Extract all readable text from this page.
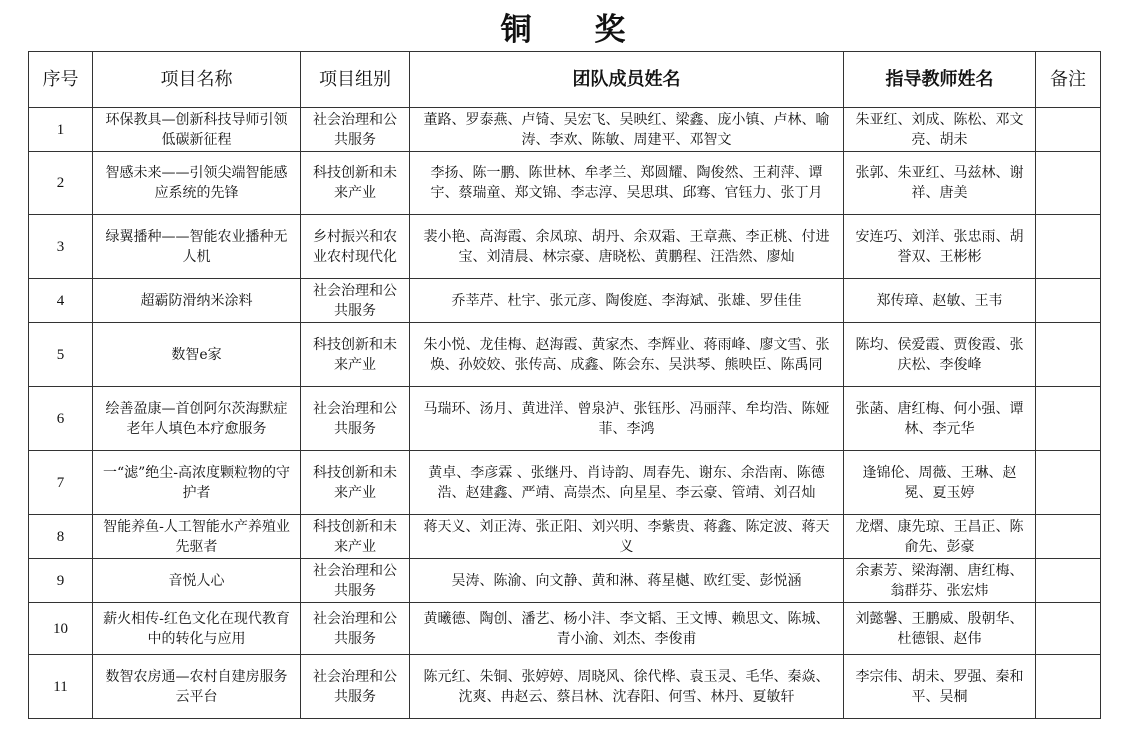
铜 奖
序号	项目名称	项目组别	团队成员姓名	指导教师姓名	备注
1	环保教具—创新科技导师引领低碳新征程	社会治理和公共服务	董路、罗泰燕、卢锜、吴宏飞、吴映红、梁鑫、庞小镇、卢林、喻涛、李欢、陈敏、周建平、邓智文	朱亚红、刘成、陈松、邓文亮、胡未	
2	智感未来——引领尖端智能感应系统的先锋	科技创新和未来产业	李扬、陈一鹏、陈世林、牟孝兰、郑圆耀、陶俊然、王莉萍、谭宇、蔡瑞童、郑文锦、李志淳、吴思琪、邱骞、官钰力、张丁月	张郭、朱亚红、马兹林、谢祥、唐美	
3	绿翼播种——智能农业播种无人机	乡村振兴和农业农村现代化	裴小艳、高海霞、余凤琼、胡丹、余双霜、王章燕、李正桃、付进宝、刘清晨、林宗豪、唐晓松、黄鹏程、汪浩然、廖灿	安连巧、刘洋、张忠雨、胡誉双、王彬彬	
4	超霸防滑纳米涂料	社会治理和公共服务	乔莘芹、杜宇、张元彦、陶俊庭、李海斌、张雄、罗佳佳	郑传璋、赵敏、王韦	
5	数智e家	科技创新和未来产业	朱小悦、龙佳梅、赵海霞、黄家杰、李辉业、蒋雨峰、廖文雪、张焕、孙姣姣、张传高、成鑫、陈会东、吴洪琴、熊映臣、陈禹同	陈均、侯爱霞、贾俊霞、张庆松、李俊峰	
6	绘善盈康—首创阿尔茨海默症老年人填色本疗愈服务	社会治理和公共服务	马瑞环、汤月、黄进洋、曾泉泸、张钰彤、冯丽萍、牟均浩、陈娅菲、李鸿	张菡、唐红梅、何小强、谭林、李元华	
7	一“滤”绝尘-高浓度颗粒物的守护者	科技创新和未来产业	黄卓、李彦霖 、张继丹、肖诗韵、周春先、谢东、余浩南、陈德浩、赵建鑫、严靖、高崇杰、向星星、李云豪、管靖、刘召灿	逢锦伦、周薇、王琳、赵冕、夏玉婷	
8	智能养鱼-人工智能水产养殖业先驱者	科技创新和未来产业	蒋天义、刘正涛、张正阳、刘兴明、李紫贵、蒋鑫、陈定波、蒋天义	龙熠、康先琼、王昌正、陈俞先、彭豪	
9	音悦人心	社会治理和公共服务	吴涛、陈渝、向文静、黄和淋、蒋星樾、欧红雯、彭悦涵	余素芳、梁海潮、唐红梅、翁群芬、张宏炜	
10	薪火相传-红色文化在现代教育中的转化与应用	社会治理和公共服务	黄曦德、陶创、潘艺、杨小沣、李文韬、王文博、赖思文、陈城、青小渝、刘杰、李俊甫	刘懿馨、王鹏威、殷朝华、杜德银、赵伟	
11	数智农房通—农村自建房服务云平台	社会治理和公共服务	陈元红、朱铜、张婷婷、周晓风、徐代桦、袁玉灵、毛华、秦焱、沈爽、冉赵云、蔡吕林、沈春阳、何雪、林丹、夏敏轩	李宗伟、胡未、罗强、秦和平、吴桐	
